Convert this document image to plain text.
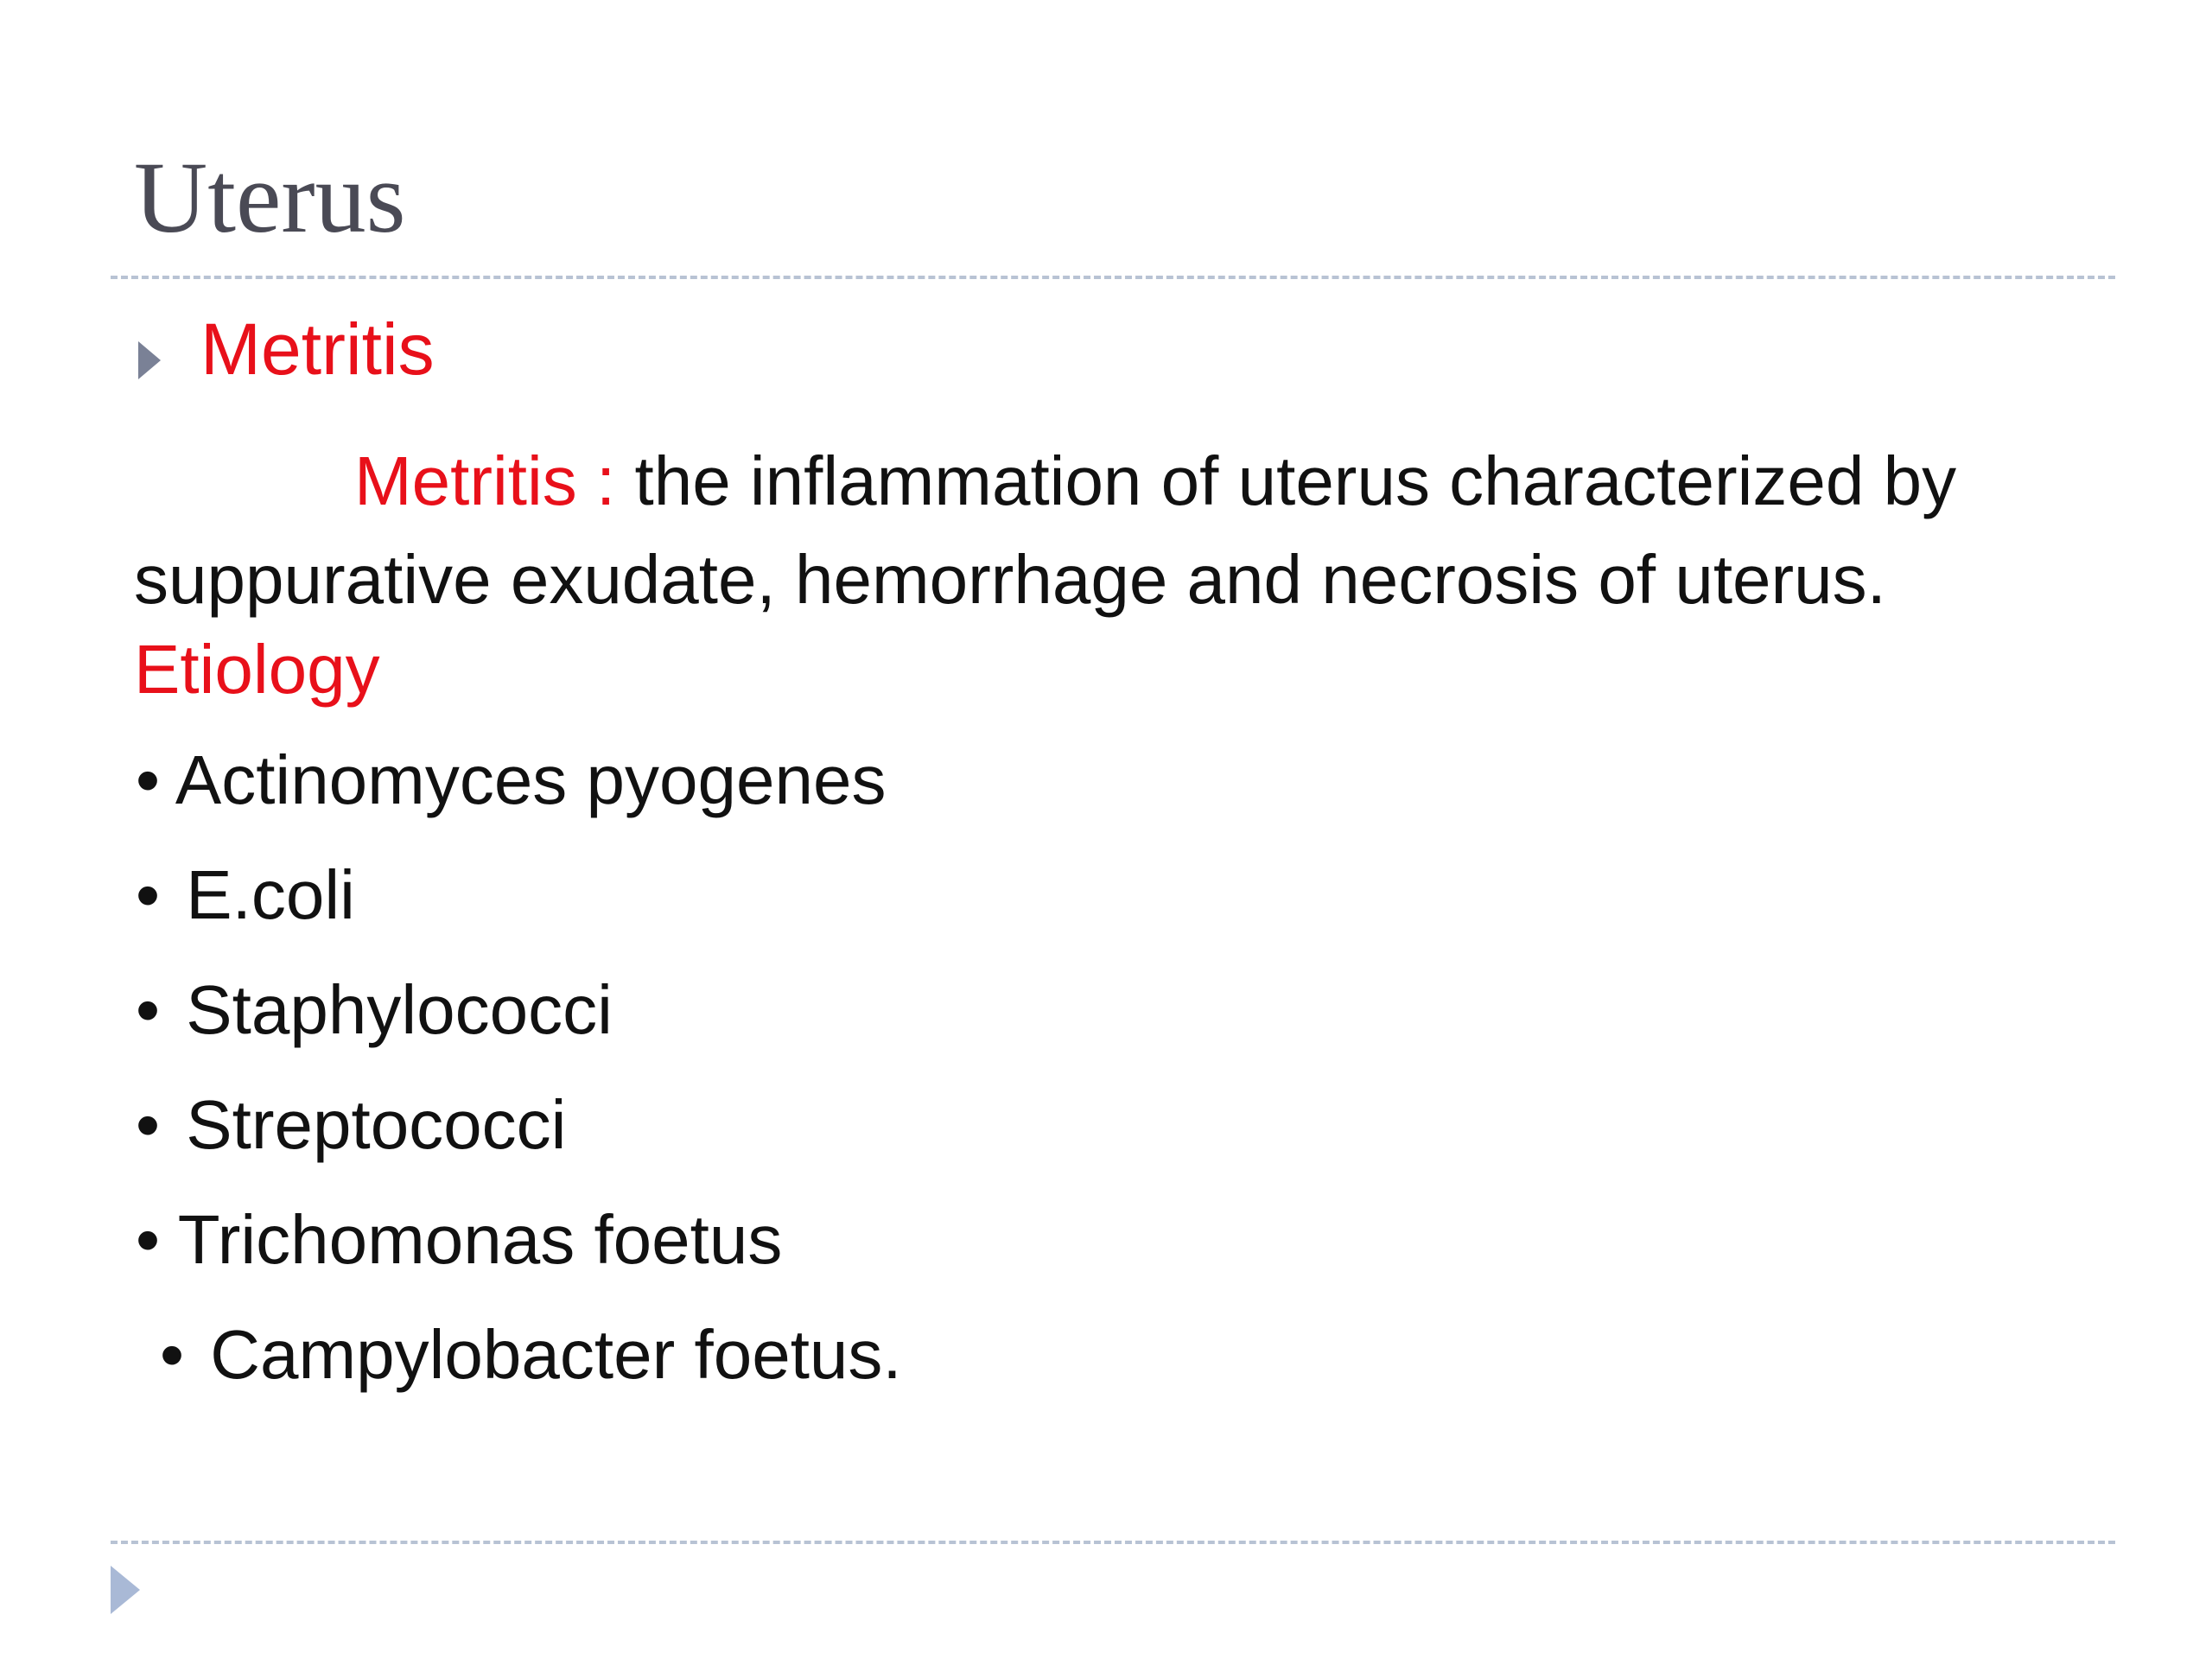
Uterus
Metritis
Metritis : the inflammation of uterus characterized by suppurative exudate, hemorrhage and necrosis of uterus.
Etiology
• Actinomyces pyogenes
• E.coli
• Staphylococci
• Streptococci
• Trichomonas foetus
• Campylobacter foetus.
